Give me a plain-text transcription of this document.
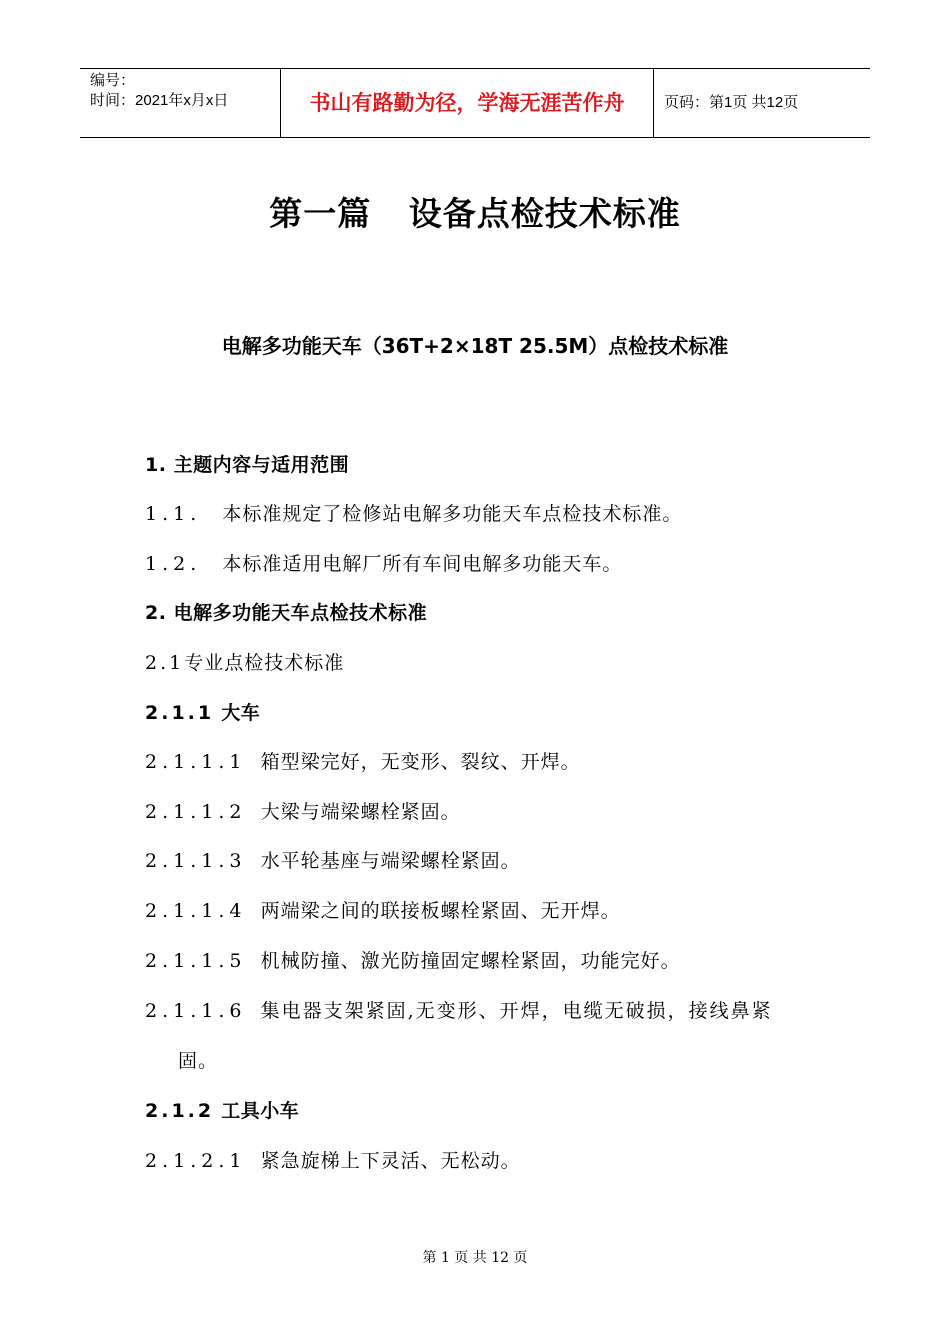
编号：
时间：2021年x月x日	书山有路勤为径，学海无涯苦作舟	页码：第1页 共12页
第一篇   设备点检技术标准
电解多功能天车（36T+2×18T 25.5M）点检技术标准
1. 主题内容与适用范围
1.1. 本标准规定了检修站电解多功能天车点检技术标准。
1.2. 本标准适用电解厂所有车间电解多功能天车。
2. 电解多功能天车点检技术标准
2.1专业点检技术标准
2.1.1 大车
2.1.1.1 箱型梁完好，无变形、裂纹、开焊。
2.1.1.2 大梁与端梁螺栓紧固。
2.1.1.3 水平轮基座与端梁螺栓紧固。
2.1.1.4 两端梁之间的联接板螺栓紧固、无开焊。
2.1.1.5 机械防撞、激光防撞固定螺栓紧固，功能完好。
2.1.1.6 集电器支架紧固,无变形、开焊，电缆无破损，接线鼻紧
固。
2.1.2 工具小车
2.1.2.1 紧急旋梯上下灵活、无松动。
第 1 页 共 12 页
